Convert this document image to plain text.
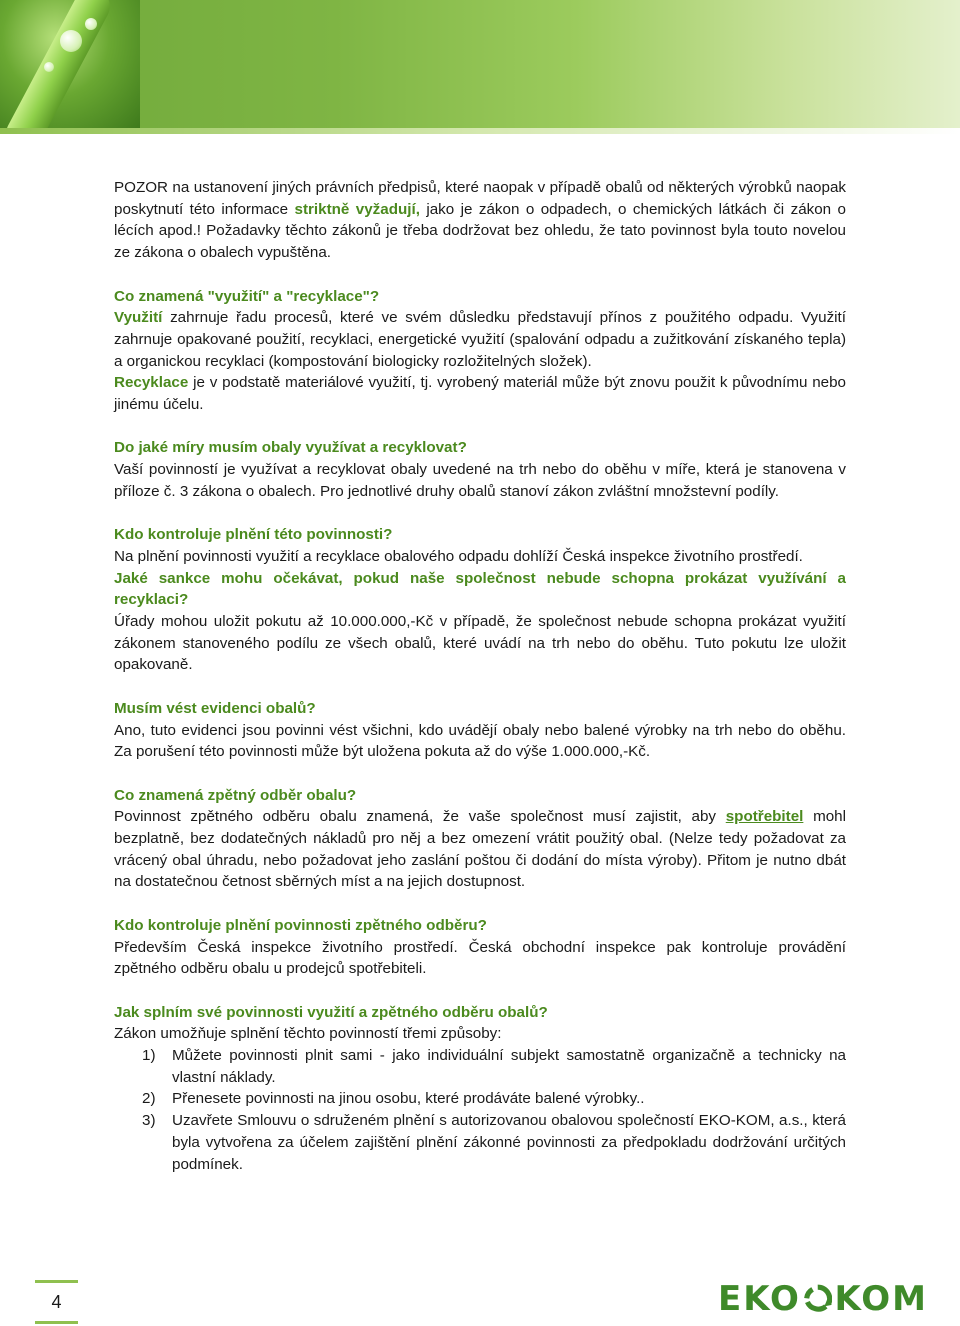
POZOR na ustanovení jiných právních předpisů, které naopak v případě obalů od některých výrobků naopak poskytnutí této informace striktně vyžadují, jako je zákon o odpadech, o chemických látkách či zákon o lécích apod.! Požadavky těchto zákonů je třeba dodržovat bez ohledu, že tato povinnost byla touto novelou ze zákona o obalech vypuštěna.

Co znamená "využití" a "recyklace"?

Využití zahrnuje řadu procesů, které ve svém důsledku představují přínos z použitého odpadu. Využití zahrnuje opakované použití, recyklaci, energetické využití (spalování odpadu a zužitkování získaného tepla) a organickou recyklaci (kompostování biologicky rozložitelných složek).

Recyklace je v podstatě materiálové využití, tj. vyrobený materiál může být znovu použit k původnímu nebo jinému účelu.

Do jaké míry musím obaly využívat a recyklovat?

Vaší povinností je využívat a recyklovat obaly uvedené na trh nebo do oběhu v míře, která je stanovena v příloze č. 3 zákona o obalech. Pro jednotlivé druhy obalů stanoví zákon zvláštní množstevní podíly.

Kdo kontroluje plnění této povinnosti?

Na plnění povinnosti využití a recyklace obalového odpadu dohlíží Česká inspekce životního prostředí.

Jaké sankce mohu očekávat, pokud naše společnost nebude schopna prokázat využívání a recyklaci?

Úřady mohou uložit pokutu až 10.000.000,-Kč v případě, že společnost nebude schopna prokázat využití zákonem stanoveného podílu ze všech obalů, které uvádí na trh nebo do oběhu. Tuto pokutu lze uložit opakovaně.

Musím vést evidenci obalů?

Ano, tuto evidenci jsou povinni vést všichni, kdo uvádějí obaly nebo balené výrobky na trh nebo do oběhu. Za porušení této povinnosti může být uložena pokuta až do výše 1.000.000,-Kč.

Co znamená zpětný odběr obalu?

Povinnost zpětného odběru obalu znamená, že vaše společnost musí zajistit, aby spotřebitel mohl bezplatně, bez dodatečných nákladů pro něj a bez omezení vrátit použitý obal. (Nelze tedy požadovat za vrácený obal úhradu, nebo požadovat jeho zaslání poštou či dodání do místa výroby). Přitom je nutno dbát na dostatečnou četnost sběrných míst a na jejich dostupnost.

Kdo kontroluje plnění povinnosti zpětného odběru?

Především Česká inspekce životního prostředí. Česká obchodní inspekce pak kontroluje provádění zpětného odběru obalu u prodejců spotřebiteli.

Jak splním své povinnosti využití a zpětného odběru obalů?

Zákon umožňuje splnění těchto povinností třemi způsoby:

1) Můžete povinnosti plnit sami - jako individuální subjekt samostatně organizačně a technicky na vlastní náklady.
2) Přenesete povinnosti na jinou osobu, které prodáváte balené výrobky..
3) Uzavřete Smlouvu o sdruženém plnění s autorizovanou obalovou společností EKO-KOM, a.s., která byla vytvořena za účelem zajištění plnění zákonné povinnosti za předpokladu dodržování určitých podmínek.
4	EKO KOM
